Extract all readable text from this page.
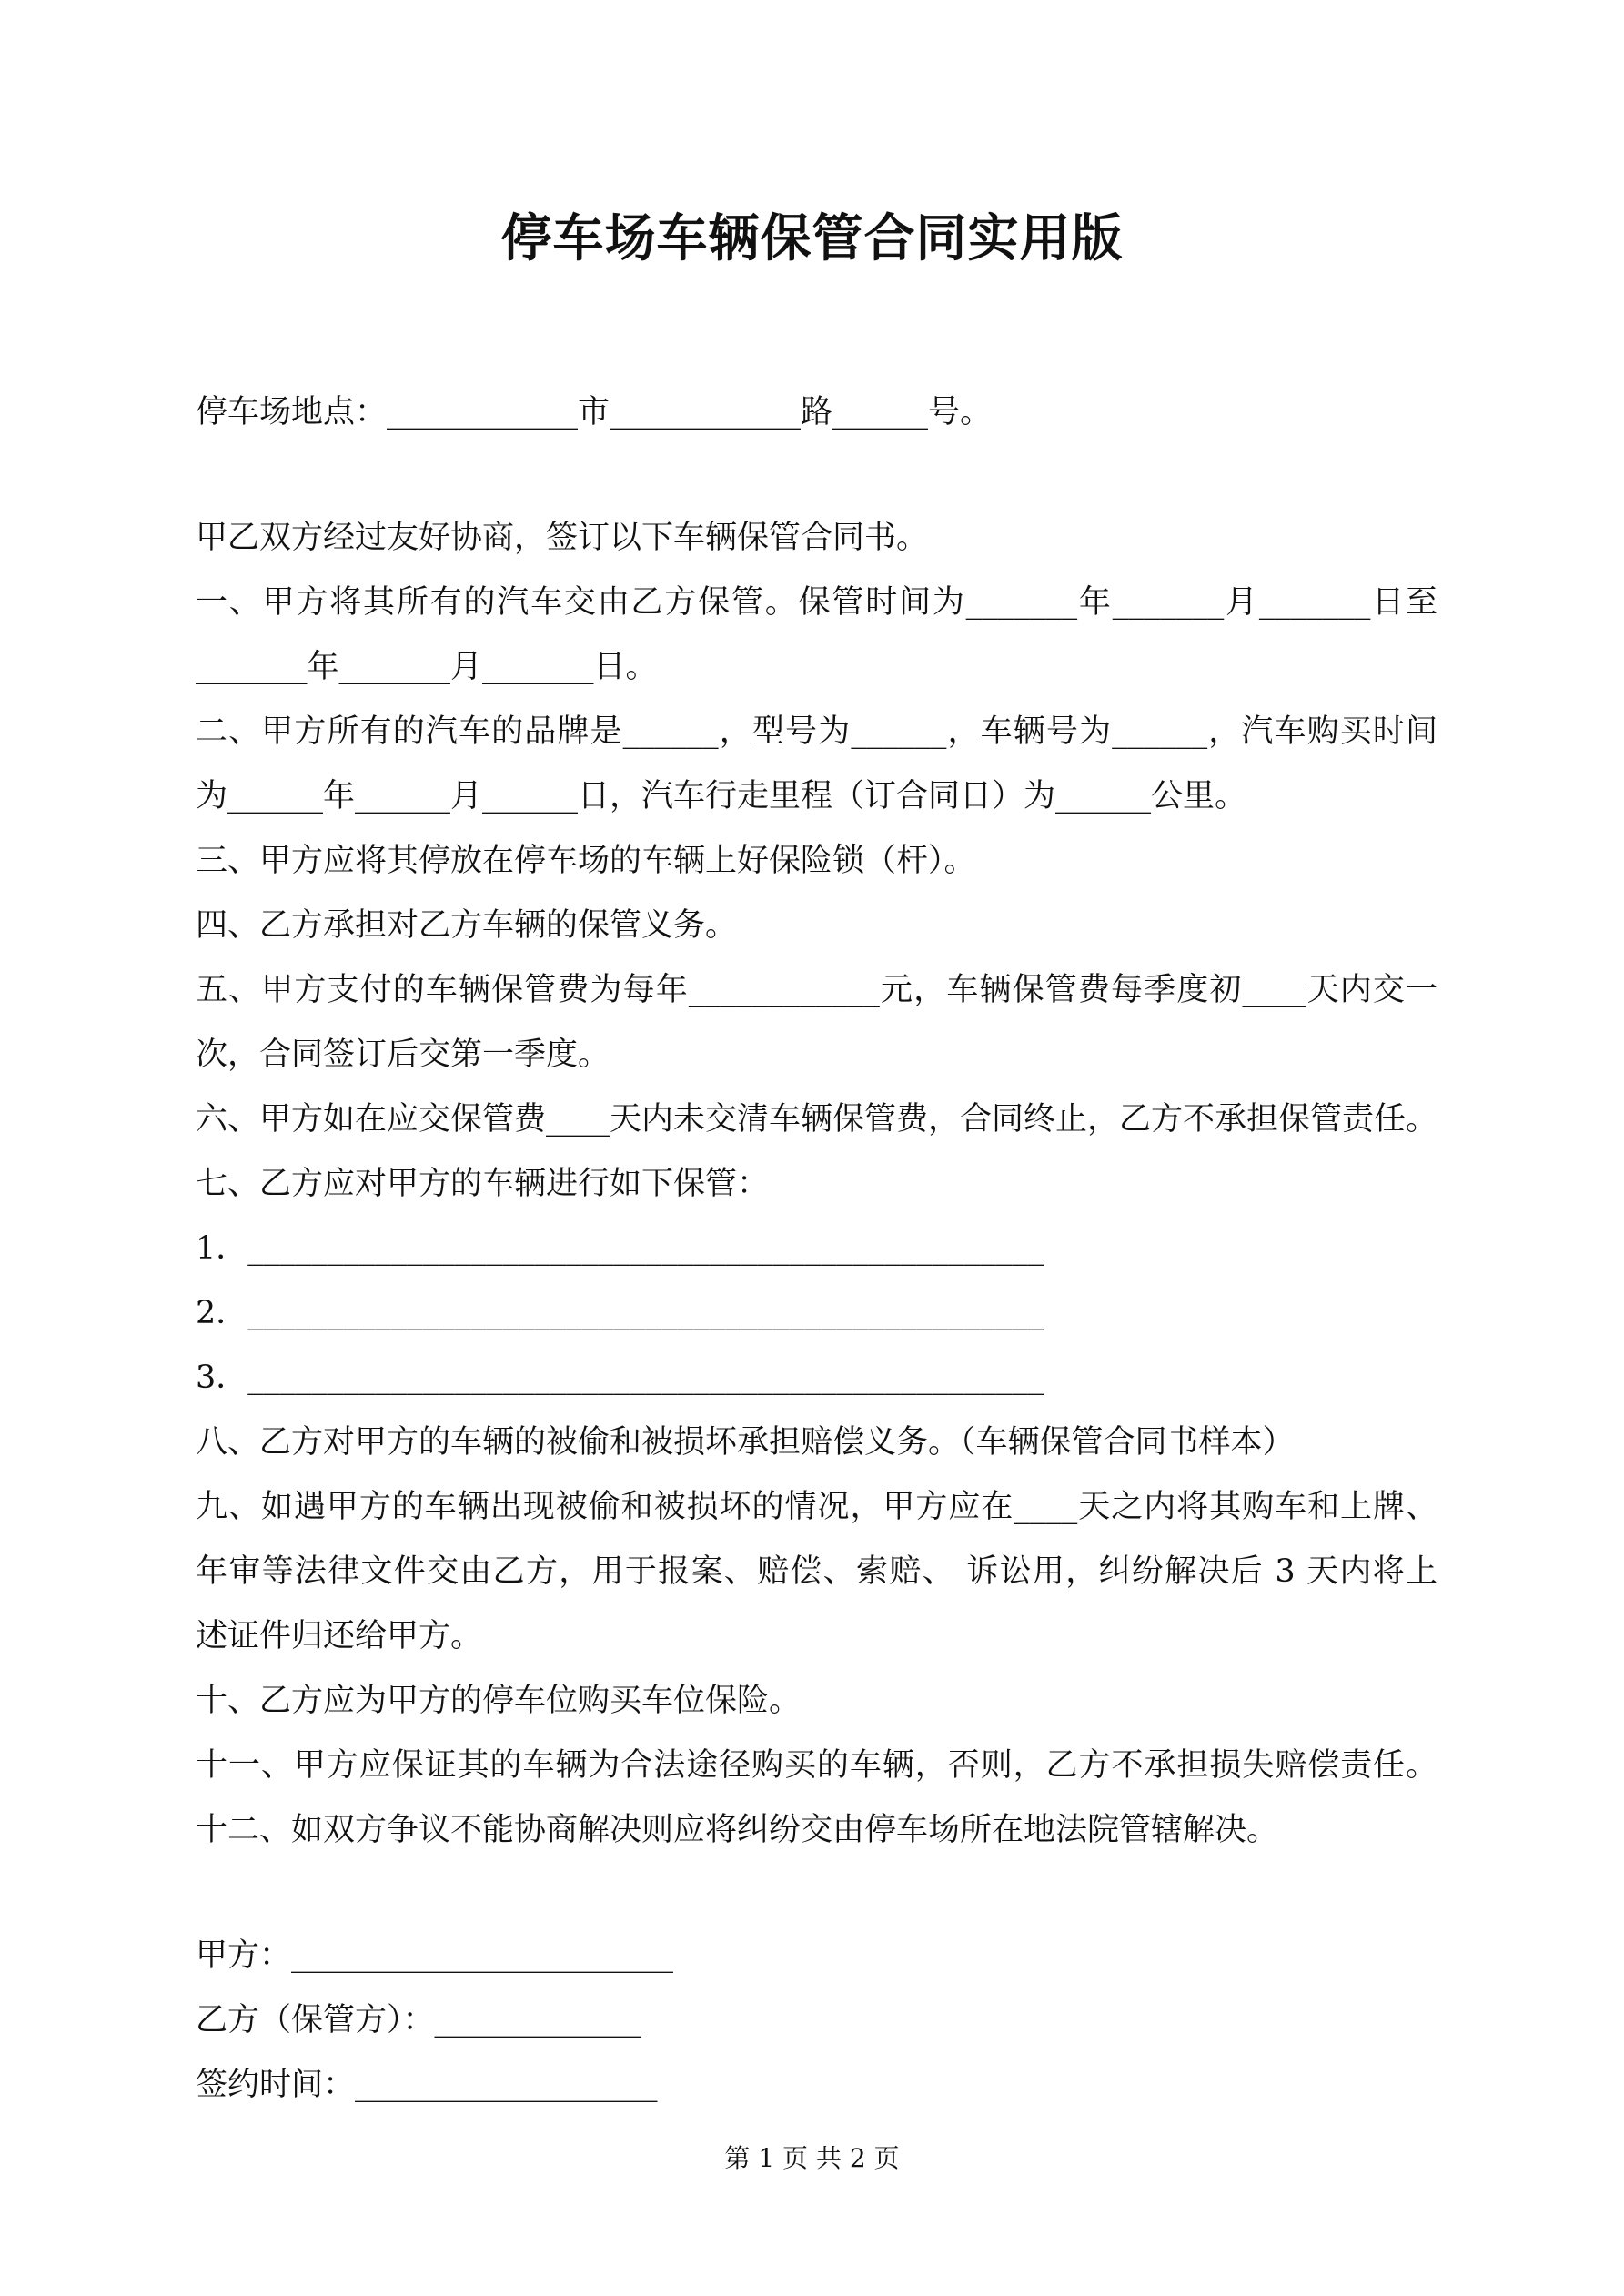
停车场车辆保管合同实用版
停车场地点：____________市____________路______号。
甲乙双方经过友好协商，签订以下车辆保管合同书。
一、甲方将其所有的汽车交由乙方保管。保管时间为_______年_______月_______日至
_______年_______月_______日。
二、甲方所有的汽车的品牌是______，型号为______，车辆号为______，汽车购买时间
为______年______月______日，汽车行走里程（订合同日）为______公里。
三、甲方应将其停放在停车场的车辆上好保险锁（杆）。
四、乙方承担对乙方车辆的保管义务。
五、甲方支付的车辆保管费为每年____________元，车辆保管费每季度初____天内交一
次，合同签订后交第一季度。
六、甲方如在应交保管费____天内未交清车辆保管费，合同终止，乙方不承担保管责任。
七、乙方应对甲方的车辆进行如下保管：
1．__________________________________________________
2．__________________________________________________
3．__________________________________________________
八、乙方对甲方的车辆的被偷和被损坏承担赔偿义务。（车辆保管合同书样本）
九、如遇甲方的车辆出现被偷和被损坏的情况，甲方应在____天之内将其购车和上牌、
年审等法律文件交由乙方，用于报案、赔偿、索赔、 诉讼用，纠纷解决后 3 天内将上
述证件归还给甲方。
十、乙方应为甲方的停车位购买车位保险。
十一、甲方应保证其的车辆为合法途径购买的车辆，否则，乙方不承担损失赔偿责任。
十二、如双方争议不能协商解决则应将纠纷交由停车场所在地法院管辖解决。
甲方：________________________
乙方（保管方）：_____________
签约时间：___________________
第 1 页 共 2 页
